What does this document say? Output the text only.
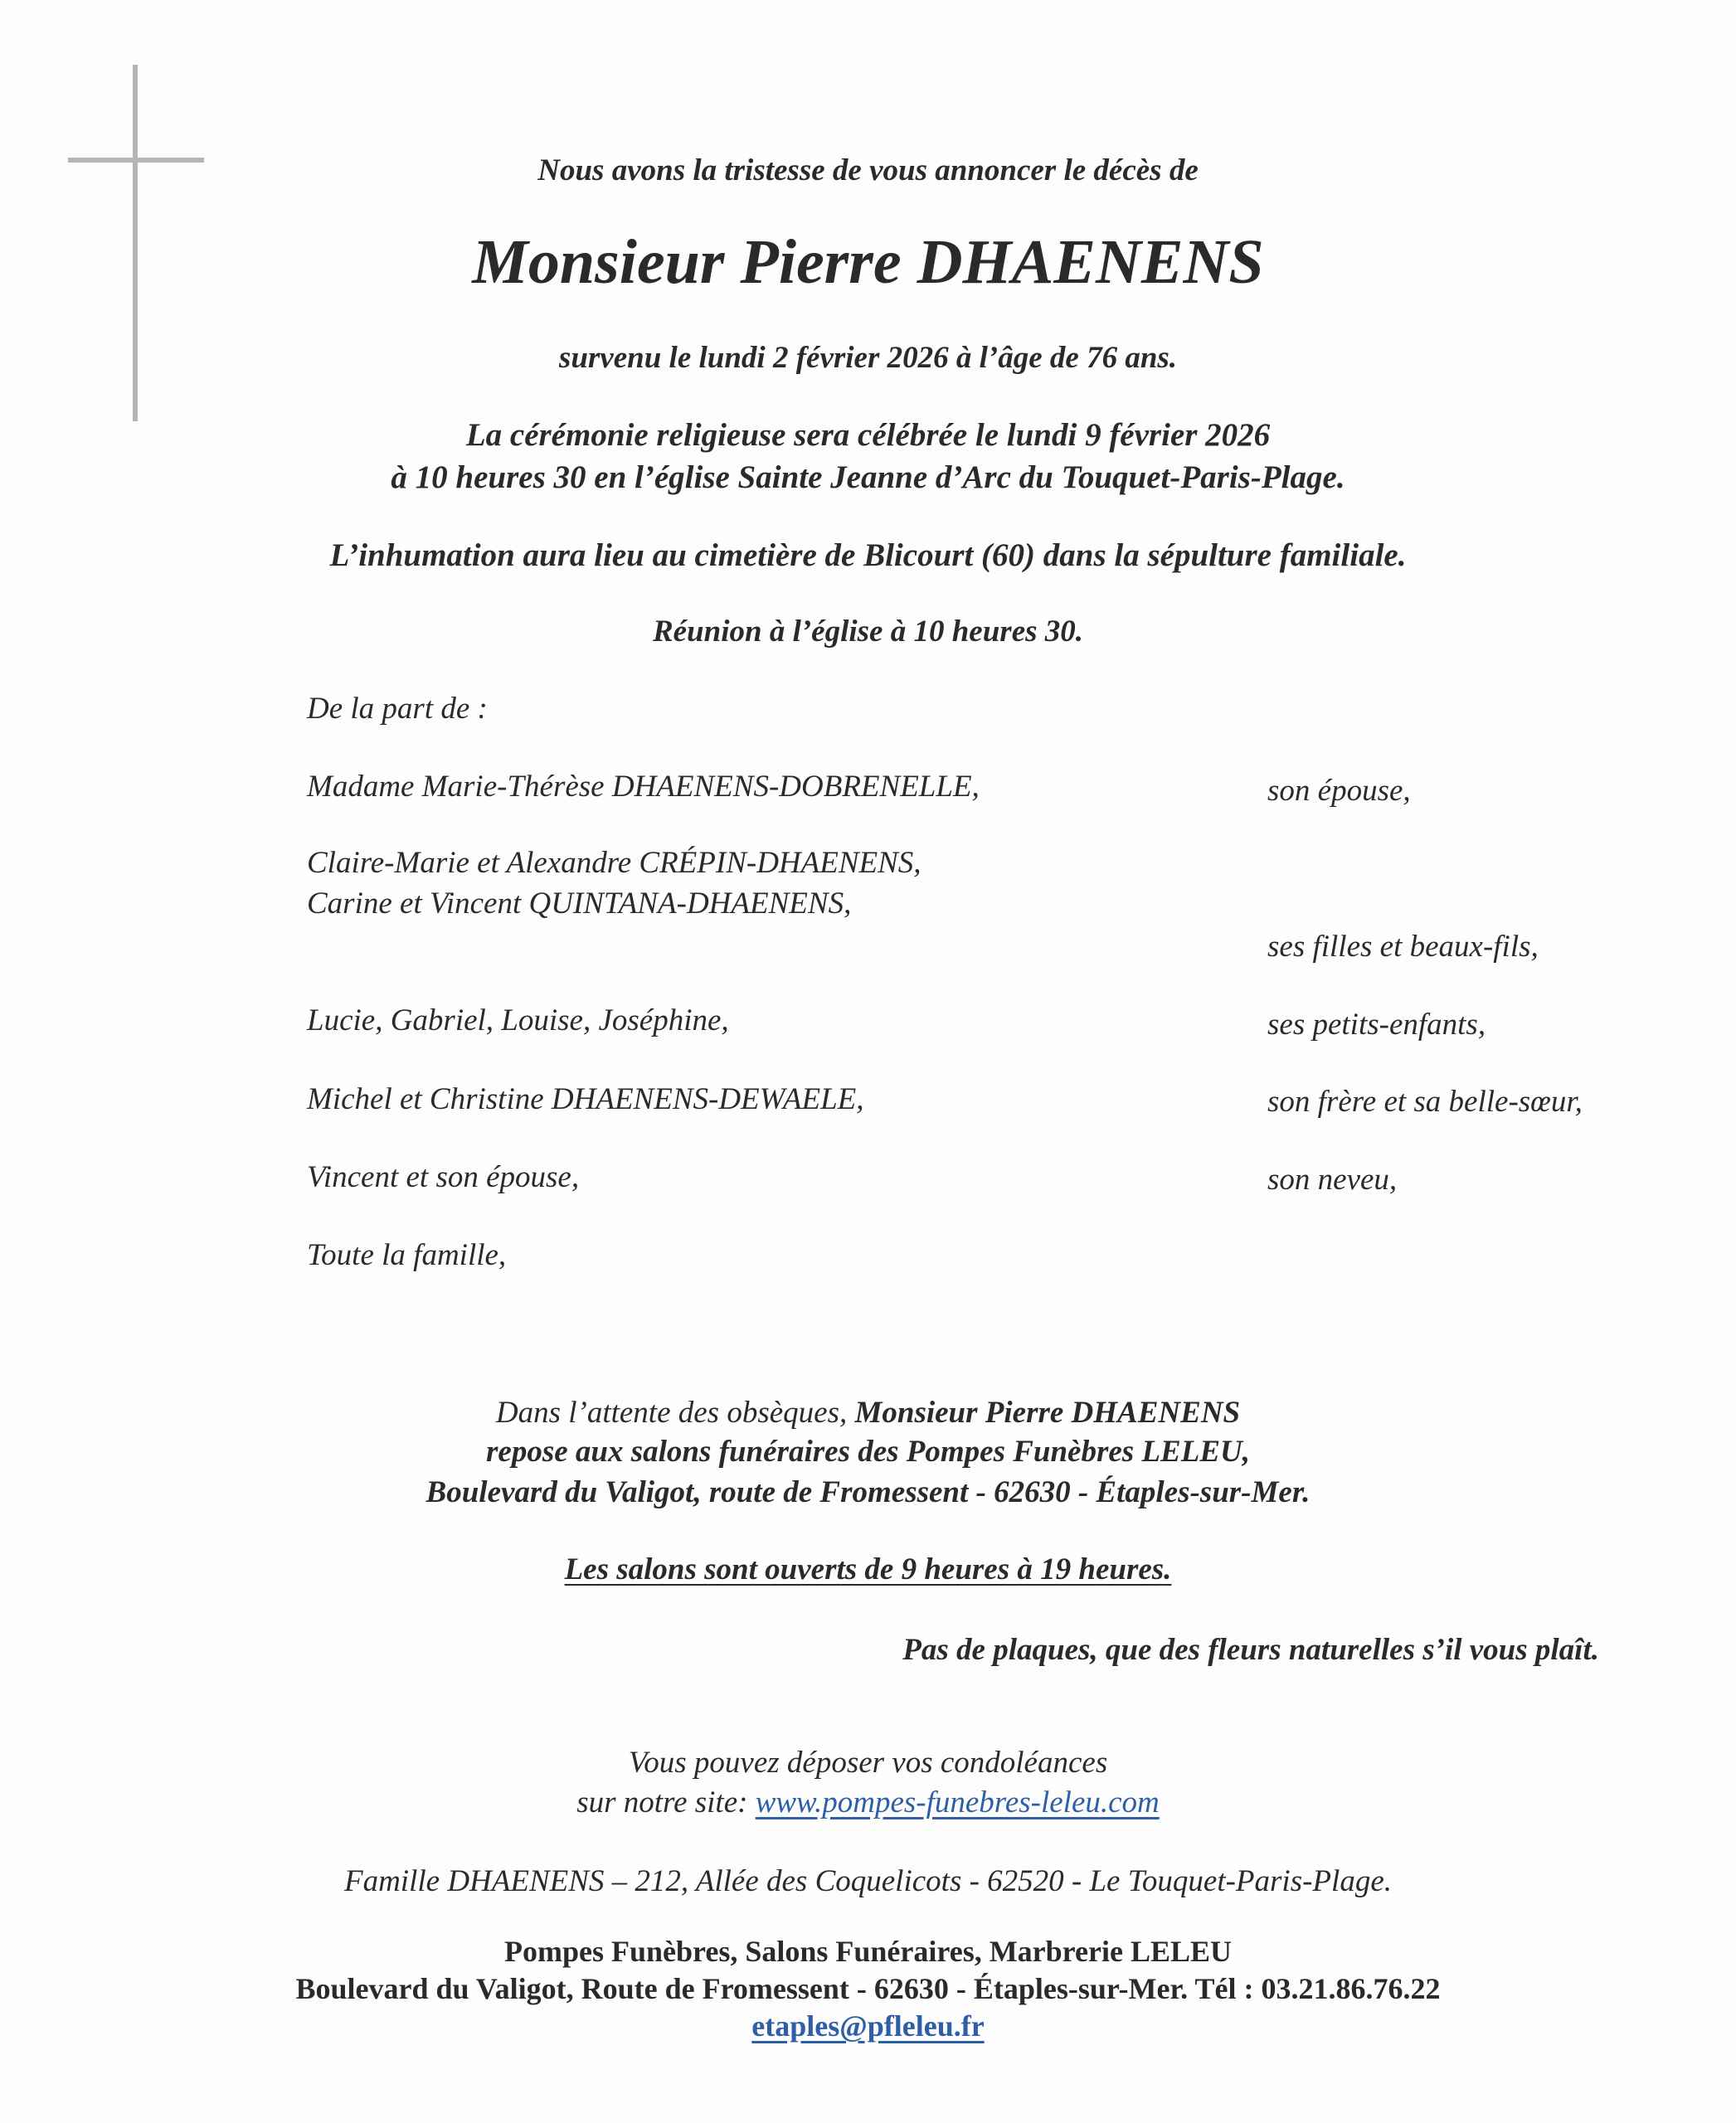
Nous avons la tristesse de vous annoncer le décès de
Monsieur Pierre DHAENENS
survenu le lundi 2 février 2026 à l’âge de 76 ans.
La cérémonie religieuse sera célébrée le lundi 9 février 2026
à 10 heures 30 en l’église Sainte Jeanne d’Arc du Touquet-Paris-Plage.
L’inhumation aura lieu au cimetière de Blicourt (60) dans la sépulture familiale.
Réunion à l’église à 10 heures 30.
De la part de :
Madame Marie-Thérèse DHAENENS-DOBRENELLE,	son épouse,
Claire-Marie et Alexandre CRÉPIN-DHAENENS,
Carine et Vincent QUINTANA-DHAENENS,
ses filles et beaux-fils,
Lucie, Gabriel, Louise, Joséphine,	ses petits-enfants,
Michel et Christine DHAENENS-DEWAELE,	son frère et sa belle-sœur,
Vincent et son épouse,	son neveu,
Toute la famille,
Dans l’attente des obsèques, Monsieur Pierre DHAENENS
repose aux salons funéraires des Pompes Funèbres LELEU,
Boulevard du Valigot, route de Fromessent - 62630 - Étaples-sur-Mer.
Les salons sont ouverts de 9 heures à 19 heures.
Pas de plaques, que des fleurs naturelles s’il vous plaît.
Vous pouvez déposer vos condoléances
sur notre site: www.pompes-funebres-leleu.com
Famille DHAENENS – 212, Allée des Coquelicots - 62520 - Le Touquet-Paris-Plage.
Pompes Funèbres, Salons Funéraires, Marbrerie LELEU
Boulevard du Valigot, Route de Fromessent - 62630 - Étaples-sur-Mer. Tél : 03.21.86.76.22
etaples@pfleleu.fr
